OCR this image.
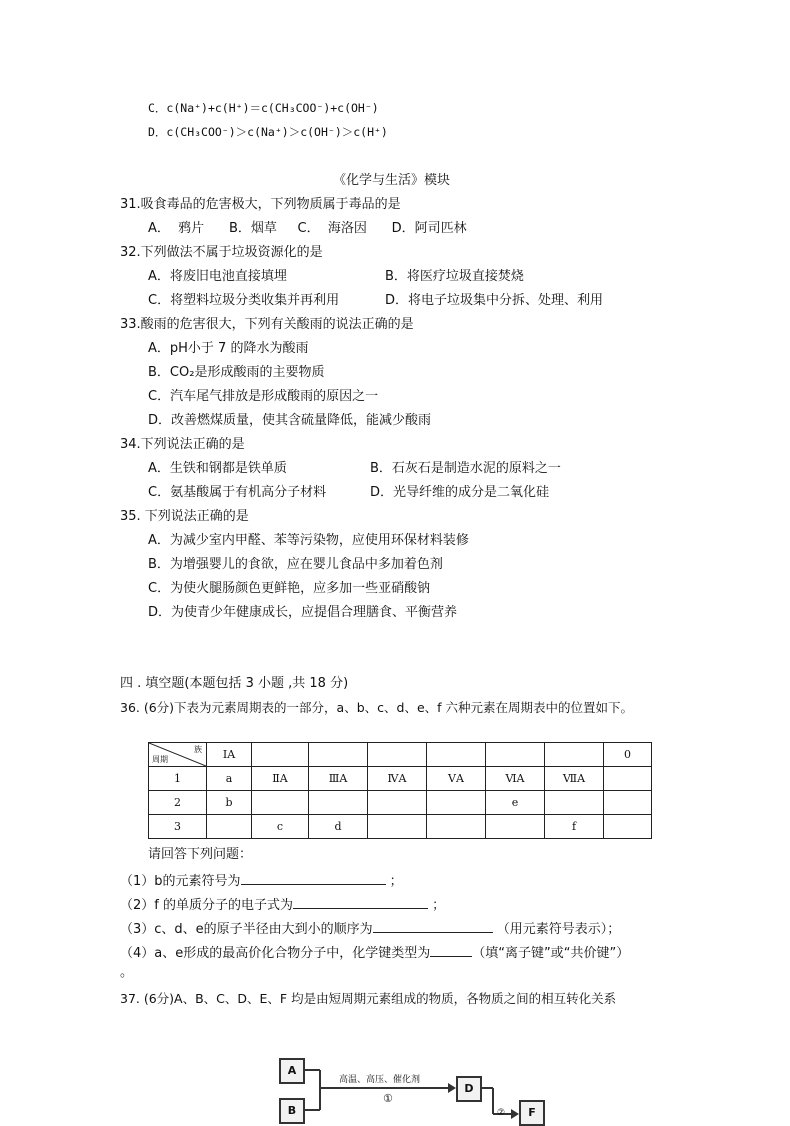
C．c(Na⁺)+c(H⁺)＝c(CH₃COO⁻)+c(OH⁻)
D．c(CH₃COO⁻)＞c(Na⁺)＞c(OH⁻)＞c(H⁺)
《化学与生活》模块
31.吸食毒品的危害极大，下列物质属于毒品的是
A．  鸦片      B．烟草     C．  海洛因      D．阿司匹林
32.下列做法不属于垃圾资源化的是
A．将废旧电池直接填埋	B．将医疗垃圾直接焚烧
C．将塑料垃圾分类收集并再利用	D．将电子垃圾集中分拆、处理、利用
33.酸雨的危害很大，下列有关酸雨的说法正确的是
A．pH小于 7 的降水为酸雨
B．CO₂是形成酸雨的主要物质
C．汽车尾气排放是形成酸雨的原因之一
D．改善燃煤质量，使其含硫量降低，能减少酸雨
34.下列说法正确的是
A．生铁和钢都是铁单质	B．石灰石是制造水泥的原料之一
C．氨基酸属于有机高分子材料	D．光导纤维的成分是二氧化硅
35. 下列说法正确的是
A．为减少室内甲醛、苯等污染物，应使用环保材料装修
B．为增强婴儿的食欲，应在婴儿食品中多加着色剂
C．为使火腿肠颜色更鲜艳，应多加一些亚硝酸钠
D．为使青少年健康成长，应提倡合理膳食、平衡营养
四 . 填空题(本题包括 3 小题 ,共 18 分)
36. (6分)下表为元素周期表的一部分，a、b、c、d、e、f 六种元素在周期表中的位置如下。
族
周期	ⅠA							0
1	a	ⅡA	ⅢA	ⅣA	ⅤA	ⅥA	ⅦA	
2	b					e		
3		c	d				f	
请回答下列问题：
（1）b的元素符号为	；
（2）f 的单质分子的电子式为	；
（3）c、d、e的原子半径由大到小的顺序为	（用元素符号表示）；
（4）a、e形成的最高价化合物分子中，化学键类型为	（填“离子键”或“共价键”）
。
37. (6分)A、B、C、D、E、F 均是由短周期元素组成的物质，各物质之间的相互转化关系
A
B
D
F
高温、高压、催化剂
①
②
